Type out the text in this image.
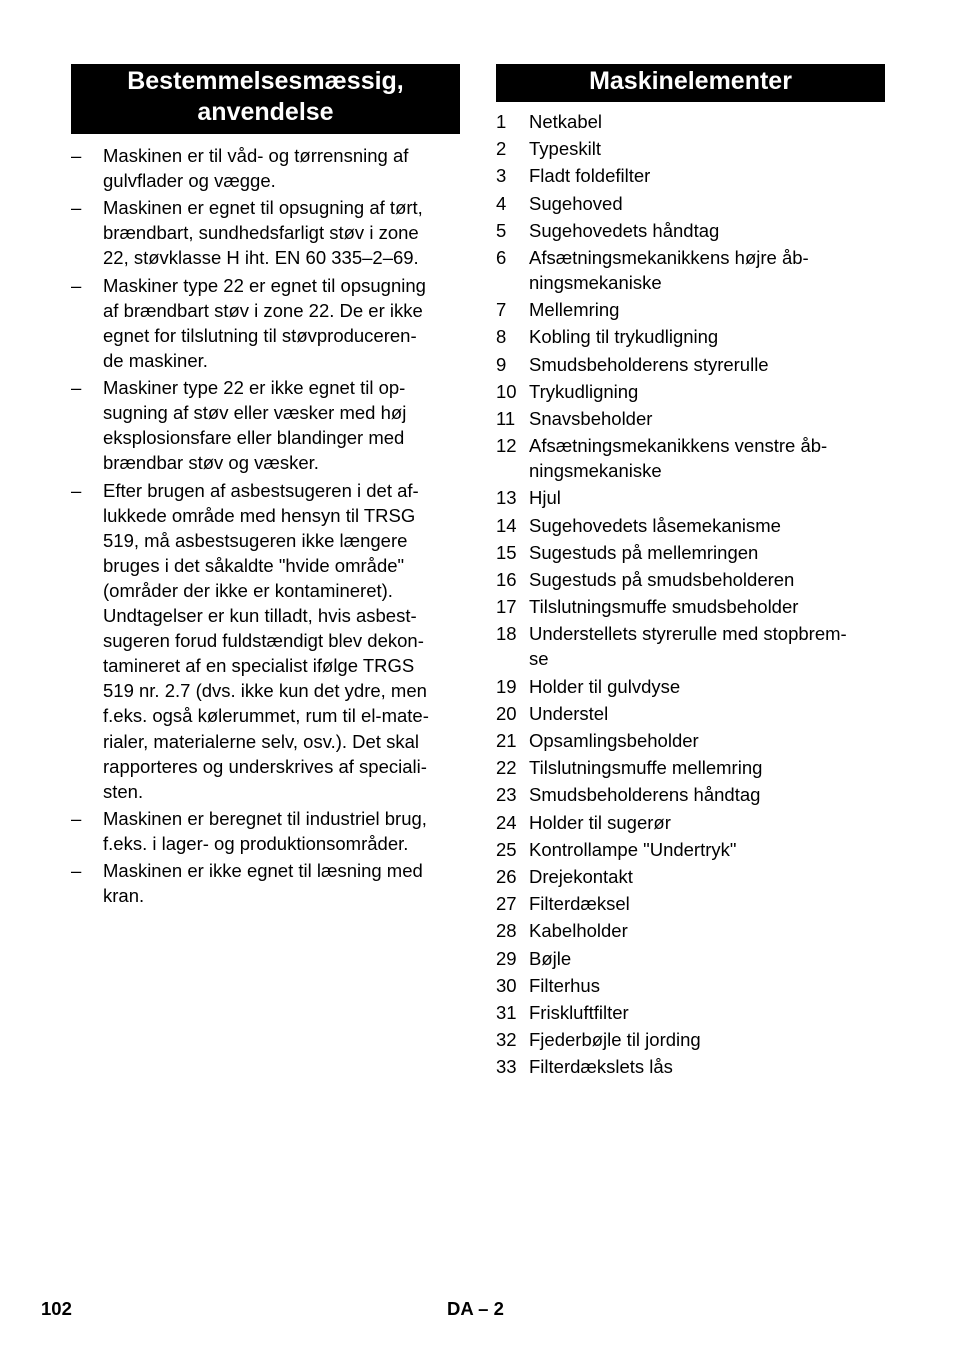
Bestemmelsesmæssig,
anvendelse
– Maskinen er til våd- og tørrensning af
gulvflader og vægge.
– Maskinen er egnet til opsugning af tørt,
brændbart, sundhedsfarligt støv i zone
22, støvklasse H iht. EN 60 335–2–69.
– Maskiner type 22 er egnet til opsugning
af brændbart støv i zone 22. De er ikke
egnet for tilslutning til støvproduceren-
de maskiner.
– Maskiner type 22 er ikke egnet til op-
sugning af støv eller væsker med høj
eksplosionsfare eller blandinger med
brændbar støv og væsker.
– Efter brugen af asbestsugeren i det af-
lukkede område med hensyn til TRSG
519, må asbestsugeren ikke længere
bruges i det såkaldte "hvide område"
(områder der ikke er kontamineret).
Undtagelser er kun tilladt, hvis asbest-
sugeren forud fuldstændigt blev dekon-
tamineret af en specialist ifølge TRGS
519 nr. 2.7 (dvs. ikke kun det ydre, men
f.eks. også kølerummet, rum til el-mate-
rialer, materialerne selv, osv.). Det skal
rapporteres og underskrives af speciali-
sten.
– Maskinen er beregnet til industriel brug,
f.eks. i lager- og produktionsområder.
– Maskinen er ikke egnet til læsning med
kran.
Maskinelementer
1 Netkabel
2 Typeskilt
3 Fladt foldefilter
4 Sugehoved
5 Sugehovedets håndtag
6 Afsætningsmekanikkens højre åb-
ningsmekaniske
7 Mellemring
8 Kobling til trykudligning
9 Smudsbeholderens styrerulle
10 Trykudligning
11 Snavsbeholder
12 Afsætningsmekanikkens venstre åb-
ningsmekaniske
13 Hjul
14 Sugehovedets låsemekanisme
15 Sugestuds på mellemringen
16 Sugestuds på smudsbeholderen
17 Tilslutningsmuffe smudsbeholder
18 Understellets styrerulle med stopbrem-
se
19 Holder til gulvdyse
20 Understel
21 Opsamlingsbeholder
22 Tilslutningsmuffe mellemring
23 Smudsbeholderens håndtag
24 Holder til sugerør
25 Kontrollampe "Undertryk"
26 Drejekontakt
27 Filterdæksel
28 Kabelholder
29 Bøjle
30 Filterhus
31 Friskluftfilter
32 Fjederbøjle til jording
33 Filterdækslets lås
102	DA – 2
